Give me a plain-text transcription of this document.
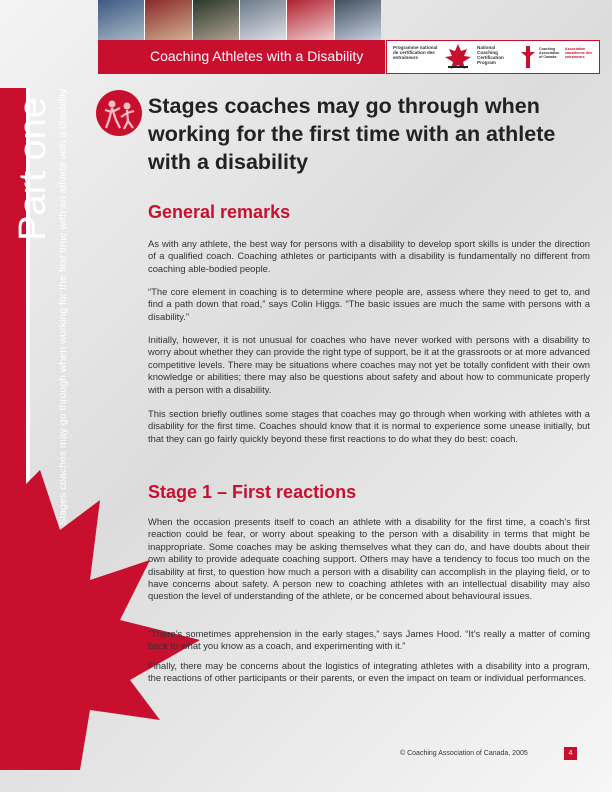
Coaching Athletes with a Disability
Programme national de certification des entraîneurs
National Coaching Certification Program
Coaching Association of Canada
Association canadienne des entraîneurs
Part one Stages coaches may go through when working for the first time with an athlete with a disability
1
Stages coaches may go through when working for the first time with an athlete with a disability
General remarks

As with any athlete, the best way for persons with a disability to develop sport skills is under the direction of a qualified coach. Coaching athletes or participants with a disability is fundamentally no different from coaching able-bodied people.

“The core element in coaching is to determine where people are, assess where they need to get to, and find a path down that road,” says Colin Higgs. “The basic issues are much the same with persons with a disability.”

Initially, however, it is not unusual for coaches who have never worked with persons with a disability to worry about whether they can provide the right type of support, be it at the grassroots or at more advanced competitive levels. There may be situations where coaches may not yet be totally confident with their own knowledge or abilities; there may also be questions about safety and about how to communicate properly with a person with a disability.

This section briefly outlines some stages that coaches may go through when working with athletes with a disability for the first time. Coaches should know that it is normal to experience some unease initially, but that they can go fairly quickly beyond these first reactions to do what they do best: coach.

Stage 1 – First reactions

When the occasion presents itself to coach an athlete with a disability for the first time, a coach’s first reaction could be fear, or worry about speaking to the person with a disability in terms that might be inappropriate. Some coaches may be asking themselves what they can do, and have doubts about their own ability to provide adequate coaching support. Others may have a tendency to focus too much on the disability at first, to question how much a person with a disability can accomplish in the playing field, or to have concerns about safety. A person new to coaching athletes with an intellectual disability may also question the level of understanding of the athlete, or be concerned about behavioural issues.

“There’s sometimes apprehension in the early stages,” says James Hood. “It’s really a matter of coming back to what you know as a coach, and experimenting with it.”

Finally, there may be concerns about the logistics of integrating athletes with a disability into a program, the reactions of other participants or their parents, or even the impact on team or individual performances.

© Coaching Association of Canada, 2005	4
